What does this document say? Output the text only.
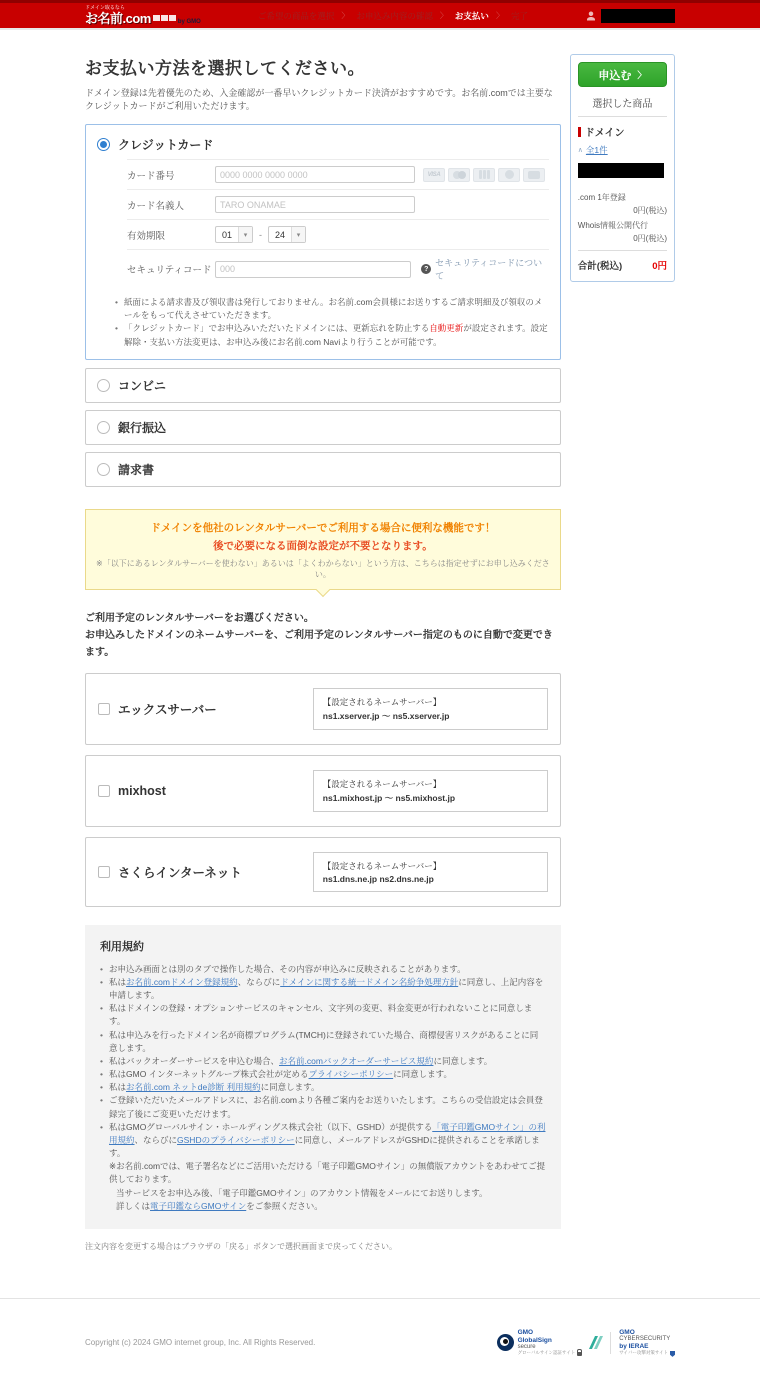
ドメイン取るなら
お名前.com	by GMO
ご希望の商品を選択 〉 お申込み内容の確認 〉 お支払い 〉 完了
お支払い方法を選択してください。

ドメイン登録は先着優先のため、入金確認が一番早いクレジットカード決済がおすすめです。お名前.comでは主要なクレジットカードがご利用いただけます。

クレジットカード
カード番号
0000 0000 0000 0000	VISA
カード名義人
TARO ONAMAE
有効期限	01	▾	-	24	▾
セキュリティコード
000	?
セキュリティコードについて
• 紙面による請求書及び領収書は発行しておりません。お名前.com会員様にお送りするご請求明細及び領収のメールをもって代えさせていただきます。
• 「クレジットカード」でお申込みいただいたドメインには、更新忘れを防止する自動更新が設定されます。設定解除・支払い方法変更は、お申込み後にお名前.com Naviより行うことが可能です。
コンビニ
銀行振込
請求書
ドメインを他社のレンタルサーバーでご利用する場合に便利な機能です！
後で必要になる面倒な設定が不要となります。
※「以下にあるレンタルサーバーを使わない」あるいは「よくわからない」という方は、こちらは指定せずにお申し込みください。
ご利用予定のレンタルサーバーをお選びください。
お申込みしたドメインのネームサーバーを、ご利用予定のレンタルサーバー指定のものに自動で変更できます。
エックスサーバー
【設定されるネームサーバー】
ns1.xserver.jp ～ ns5.xserver.jp
mixhost	【設定されるネームサーバー】
ns1.mixhost.jp ～ ns5.mixhost.jp
さくらインターネット	【設定されるネームサーバー】
ns1.dns.ne.jp ns2.dns.ne.jp
利用規約
• お申込み画面とは別のタブで操作した場合、その内容が申込みに反映されることがあります。
• 私はお名前.comドメイン登録規約、ならびにドメインに関する統一ドメイン名紛争処理方針に同意し、上記内容を申請します。
• 私はドメインの登録・オプションサービスのキャンセル、文字列の変更、料金変更が行われないことに同意します。
• 私は申込みを行ったドメイン名が商標プログラム(TMCH)に登録されていた場合、商標侵害リスクがあることに同意します。
• 私はバックオーダーサービスを申込む場合、お名前.comバックオーダーサービス規約に同意します。
• 私はGMO インターネットグループ株式会社が定めるプライバシーポリシーに同意します。
• 私はお名前.com ネットde診断 利用規約に同意します。
• ご登録いただいたメールアドレスに、お名前.comより各種ご案内をお送りいたします。こちらの受信設定は会員登録完了後にご変更いただけます。
• 私はGMOグローバルサイン・ホールディングス株式会社（以下、GSHD）が提供する「電子印鑑GMOサイン」の利用規約、ならびにGSHDのプライバシーポリシーに同意し、メールアドレスがGSHDに提供されることを承諾します。
※お名前.comでは、電子署名などにご活用いただける「電子印鑑GMOサイン」の無償版アカウントをあわせてご提供しております。
当サービスをお申込み後、「電子印鑑GMOサイン」のアカウント情報をメールにてお送りします。
詳しくは電子印鑑ならGMOサインをご参照ください。

注文内容を変更する場合はブラウザの「戻る」ボタンで選択画面まで戻ってください。

申込む 〉
選択した商品
ドメイン
∧ 全1件
.com 1年登録
0円(税込)
Whois情報公開代行
0円(税込)
合計(税込)	0円
Copyright (c) 2024 GMO internet group, Inc. All Rights Reserved.
GMO
GlobalSign
secure
グローバルサイン認証サイト
GMO
CYBERSECURITY
by IERAE
サイバー攻撃対策サイト
